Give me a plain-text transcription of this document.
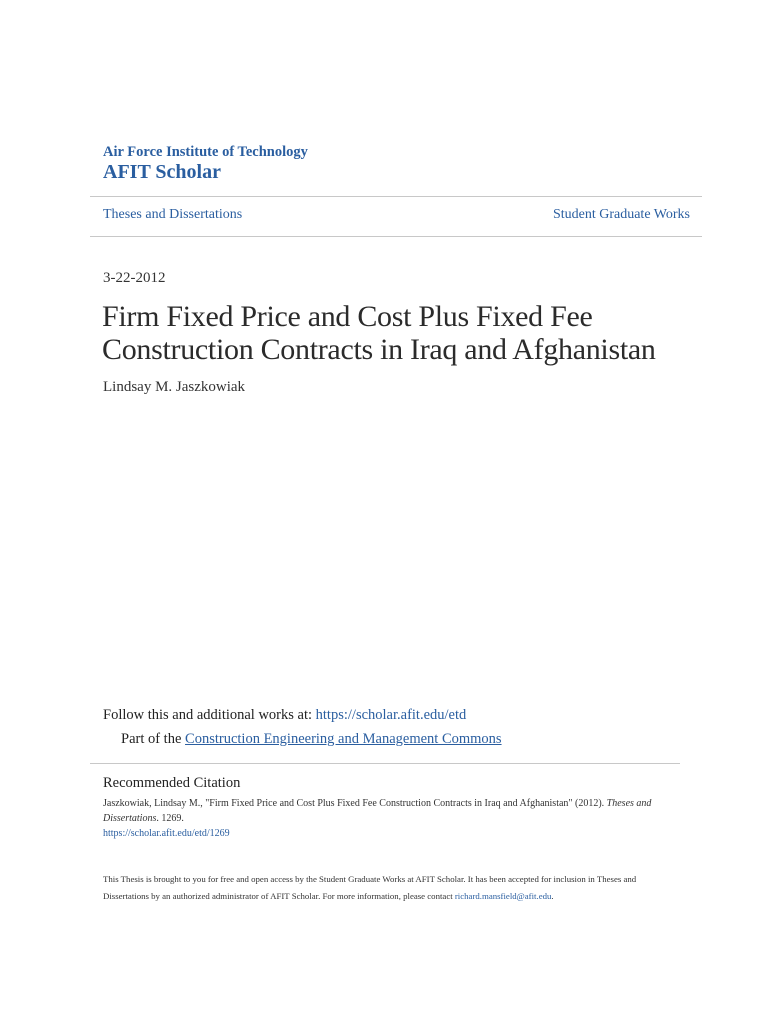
Air Force Institute of Technology
AFIT Scholar
Theses and Dissertations	Student Graduate Works
3-22-2012
Firm Fixed Price and Cost Plus Fixed Fee
Construction Contracts in Iraq and Afghanistan
Lindsay M. Jaszkowiak
Follow this and additional works at: https://scholar.afit.edu/etd
Part of the Construction Engineering and Management Commons
Recommended Citation
Jaszkowiak, Lindsay M., "Firm Fixed Price and Cost Plus Fixed Fee Construction Contracts in Iraq and Afghanistan" (2012). Theses and Dissertations. 1269.
https://scholar.afit.edu/etd/1269
This Thesis is brought to you for free and open access by the Student Graduate Works at AFIT Scholar. It has been accepted for inclusion in Theses and Dissertations by an authorized administrator of AFIT Scholar. For more information, please contact richard.mansfield@afit.edu.
